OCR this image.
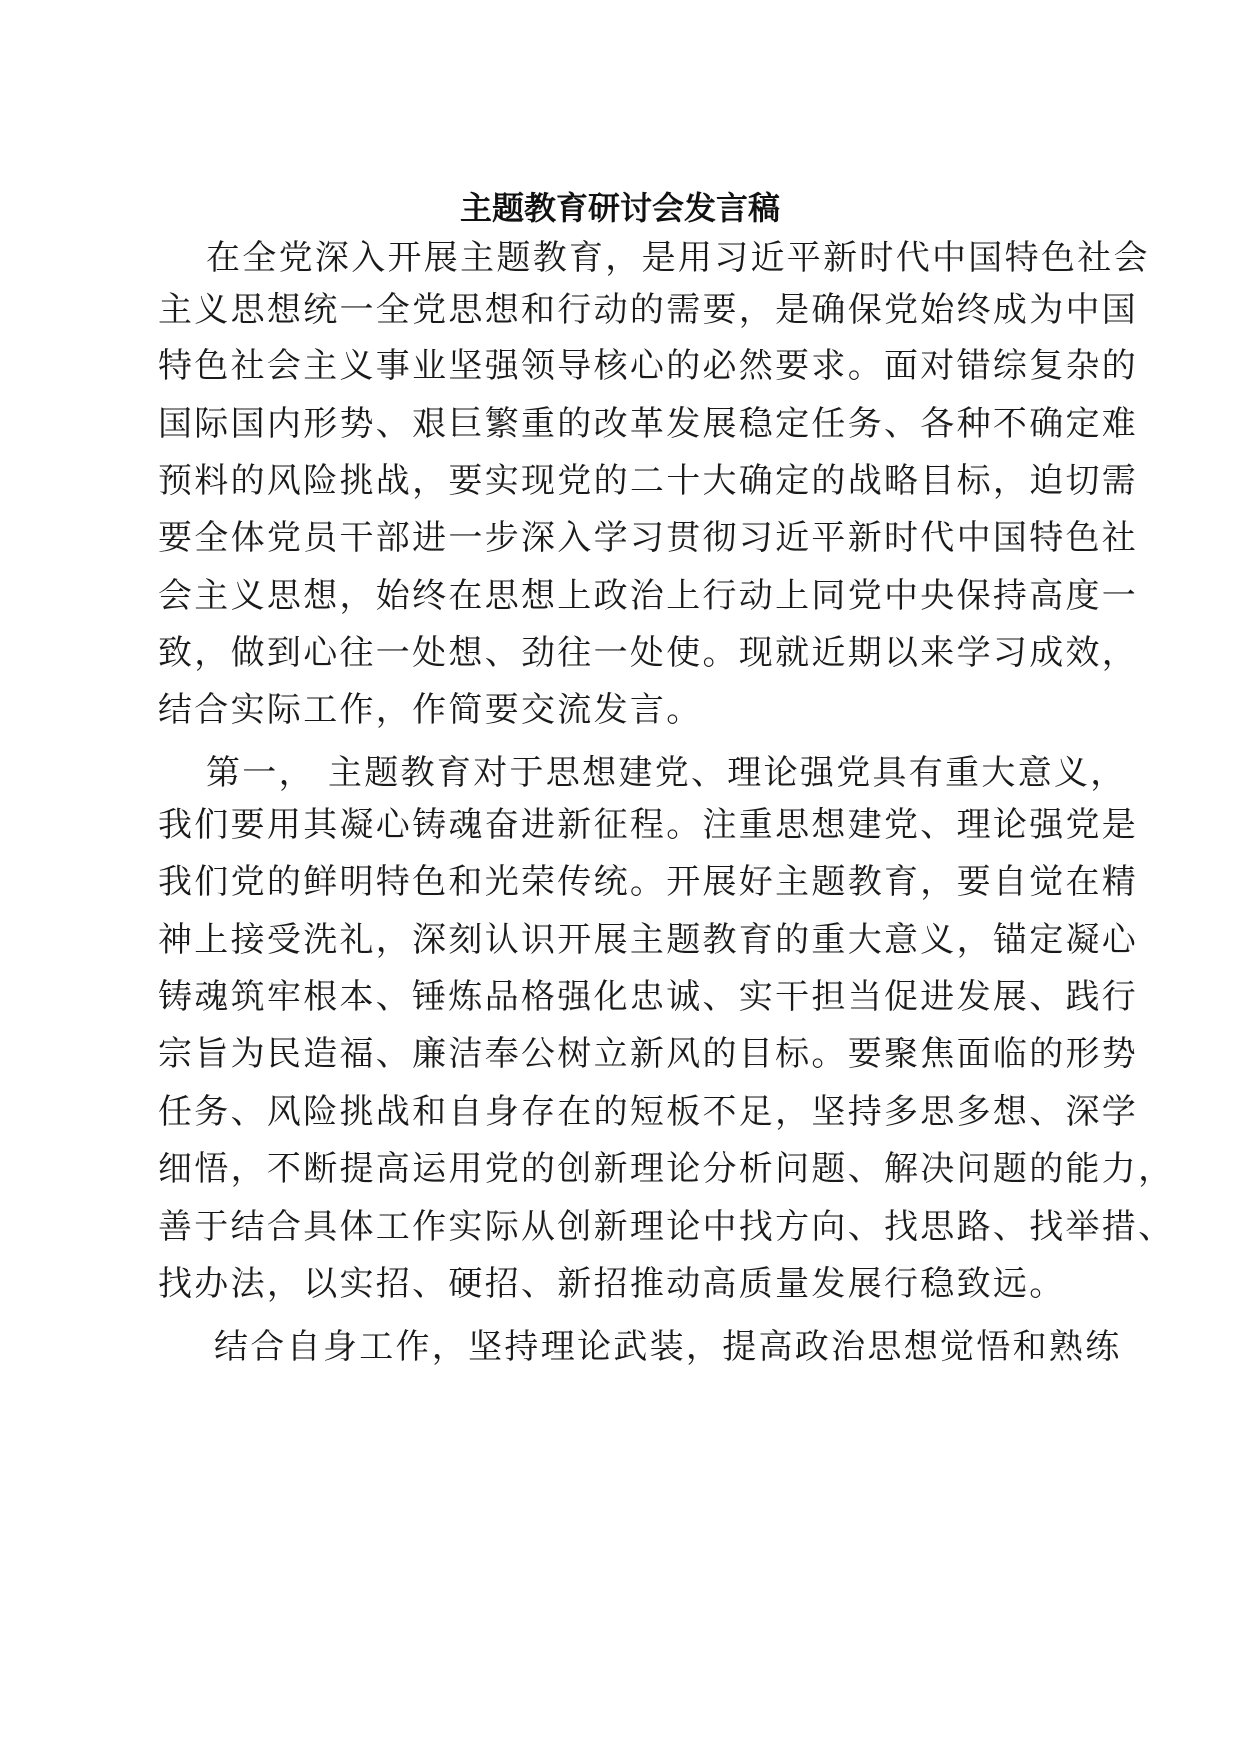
主题教育研讨会发言稿
在全党深入开展主题教育，是用习近平新时代中国特色社会
主义思想统一全党思想和行动的需要，是确保党始终成为中国
特色社会主义事业坚强领导核心的必然要求。面对错综复杂的
国际国内形势、艰巨繁重的改革发展稳定任务、各种不确定难
预料的风险挑战，要实现党的二十大确定的战略目标，迫切需
要全体党员干部进一步深入学习贯彻习近平新时代中国特色社
会主义思想，始终在思想上政治上行动上同党中央保持高度一
致，做到心往一处想、劲往一处使。现就近期以来学习成效，
结合实际工作，作简要交流发言。
第一， 主题教育对于思想建党、理论强党具有重大意义，
我们要用其凝心铸魂奋进新征程。注重思想建党、理论强党是
我们党的鲜明特色和光荣传统。开展好主题教育，要自觉在精
神上接受洗礼，深刻认识开展主题教育的重大意义，锚定凝心
铸魂筑牢根本、锤炼品格强化忠诚、实干担当促进发展、践行
宗旨为民造福、廉洁奉公树立新风的目标。要聚焦面临的形势
任务、风险挑战和自身存在的短板不足，坚持多思多想、深学
细悟，不断提高运用党的创新理论分析问题、解决问题的能力，
善于结合具体工作实际从创新理论中找方向、找思路、找举措、
找办法，以实招、硬招、新招推动高质量发展行稳致远。
结合自身工作，坚持理论武装，提高政治思想觉悟和熟练
